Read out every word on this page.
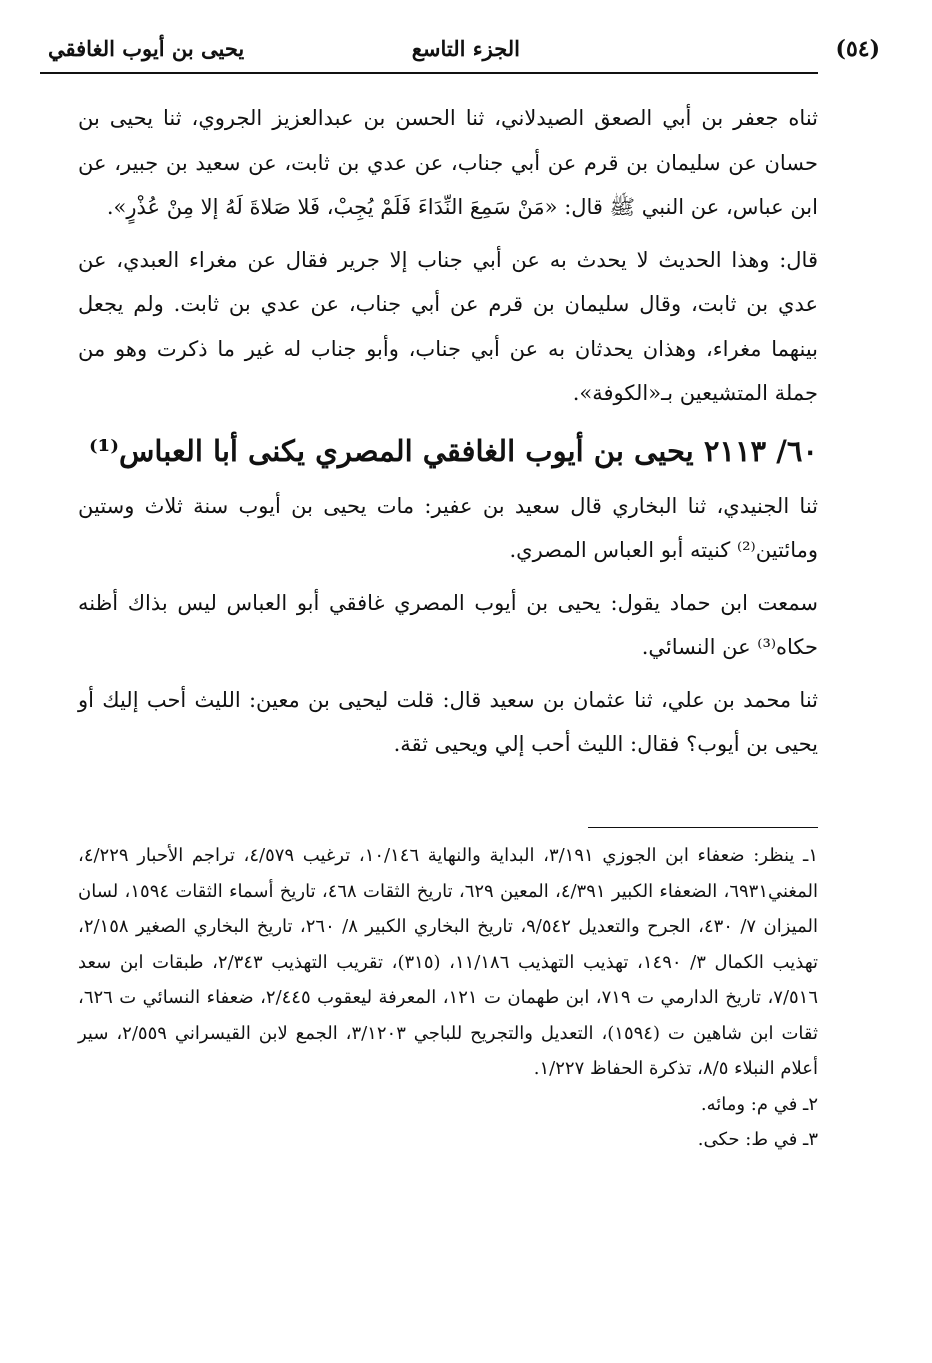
(٥٤)
الجزء التاسع
يحيى بن أيوب الغافقي

ثناه جعفر بن أبي الصعق الصيدلاني، ثنا الحسن بن عبدالعزيز الجروي، ثنا يحيى بن حسان عن سليمان بن قرم عن أبي جناب، عن عدي بن ثابت، عن سعيد بن جبير، عن ابن عباس، عن النبي ﷺ قال: «مَنْ سَمِعَ النِّدَاءَ فَلَمْ يُجِبْ، فَلا صَلاةَ لَهُ إلا مِنْ عُذْرٍ».

قال: وهذا الحديث لا يحدث به عن أبي جناب إلا جرير فقال عن مغراء العبدي، عن عدي بن ثابت، وقال سليمان بن قرم عن أبي جناب، عن عدي بن ثابت. ولم يجعل بينهما مغراء، وهذان يحدثان به عن أبي جناب، وأبو جناب له غير ما ذكرت وهو من جملة المتشيعين بـ«الكوفة».

٦٠/ ٢١١٣ يحيى بن أيوب الغافقي المصري يكنى أبا العباس⁽¹⁾

ثنا الجنيدي، ثنا البخاري قال سعيد بن عفير: مات يحيى بن أيوب سنة ثلاث وستين ومائتين⁽²⁾ كنيته أبو العباس المصري.

سمعت ابن حماد يقول: يحيى بن أيوب المصري غافقي أبو العباس ليس بذاك أظنه حكاه⁽³⁾ عن النسائي.

ثنا محمد بن علي، ثنا عثمان بن سعيد قال: قلت ليحيى بن معين: الليث أحب إليك أو يحيى بن أيوب؟ فقال: الليث أحب إلي ويحيى ثقة.

١ـ ينظر: ضعفاء ابن الجوزي ٣/١٩١، البداية والنهاية ١٠/١٤٦، ترغيب ٤/٥٧٩، تراجم الأحبار ٤/٢٢٩، المغني٦٩٣١، الضعفاء الكبير ٤/٣٩١، المعين ٦٢٩، تاريخ الثقات ٤٦٨، تاريخ أسماء الثقات ١٥٩٤، لسان الميزان ٧/ ٤٣٠، الجرح والتعديل ٩/٥٤٢، تاريخ البخاري الكبير ٨/ ٢٦٠، تاريخ البخاري الصغير ٢/١٥٨، تهذيب الكمال ٣/ ١٤٩٠، تهذيب التهذيب ١١/١٨٦، (٣١٥)، تقريب التهذيب ٢/٣٤٣، طبقات ابن سعد ٧/٥١٦، تاريخ الدارمي ت ٧١٩، ابن طهمان ت ١٢١، المعرفة ليعقوب ٢/٤٤٥، ضعفاء النسائي ت ٦٢٦، ثقات ابن شاهين ت (١٥٩٤)، التعديل والتجريح للباجي ٣/١٢٠٣، الجمع لابن القيسراني ٢/٥٥٩، سير أعلام النبلاء ٨/٥، تذكرة الحفاظ ١/٢٢٧.

٢ـ في م: ومائه.

٣ـ في ط: حكى.
